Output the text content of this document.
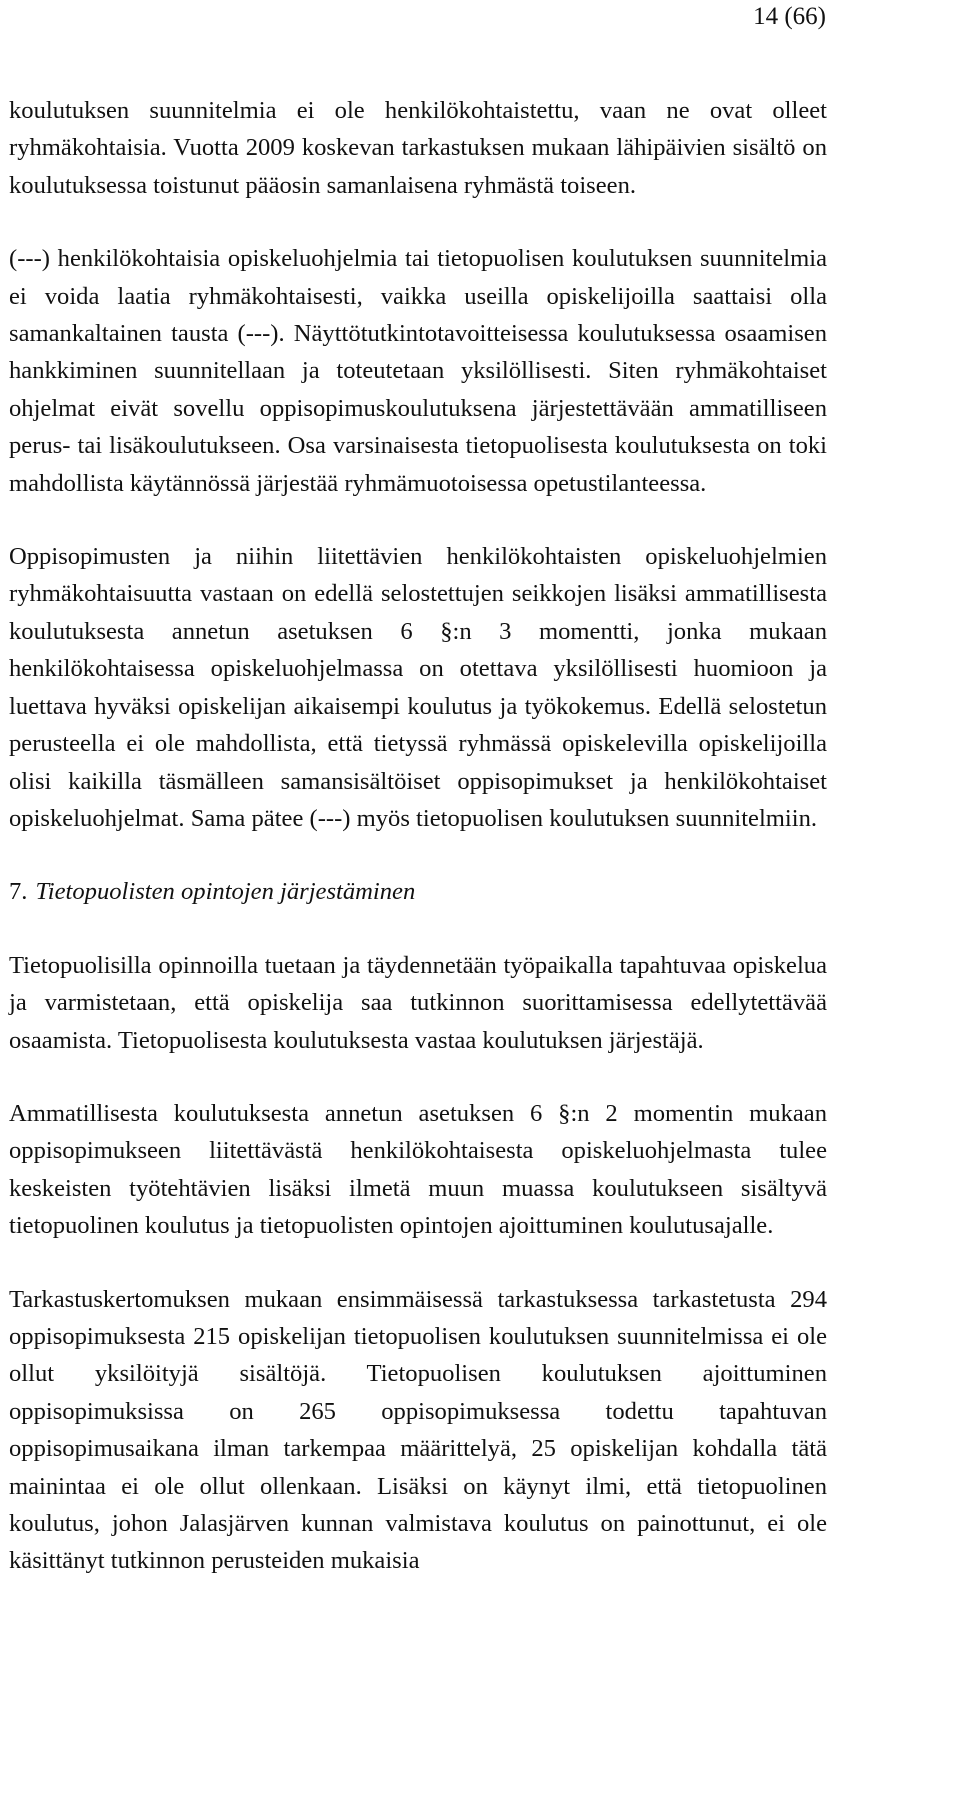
14 (66)

koulutuksen suunnitelmia ei ole henkilökohtaistettu, vaan ne ovat olleet ryhmäkohtaisia. Vuotta 2009 koskevan tarkastuksen mukaan lähipäivien sisältö on koulutuksessa toistunut pääosin samanlaisena ryhmästä toiseen.

(---) henkilökohtaisia opiskeluohjelmia tai tietopuolisen koulutuksen suunnitelmia ei voida laatia ryhmäkohtaisesti, vaikka useilla opiskelijoilla saattaisi olla samankaltainen tausta (---). Näyttötutkintotavoitteisessa koulutuksessa osaamisen hankkiminen suunnitellaan ja toteutetaan yksilöllisesti. Siten ryhmäkohtaiset ohjelmat eivät sovellu oppisopimuskoulutuksena järjestettävään ammatilliseen perus- tai lisäkoulutukseen. Osa varsinaisesta tietopuolisesta koulutuksesta on toki mahdollista käytännössä järjestää ryhmämuotoisessa opetustilanteessa.

Oppisopimusten ja niihin liitettävien henkilökohtaisten opiskeluohjelmien ryhmäkohtaisuutta vastaan on edellä selostettujen seikkojen lisäksi ammatillisesta koulutuksesta annetun asetuksen 6 §:n 3 momentti, jonka mukaan henkilökohtaisessa opiskeluohjelmassa on otettava yksilöllisesti huomioon ja luettava hyväksi opiskelijan aikaisempi koulutus ja työkokemus. Edellä selostetun perusteella ei ole mahdollista, että tietyssä ryhmässä opiskelevilla opiskelijoilla olisi kaikilla täsmälleen samansisältöiset oppisopimukset ja henkilökohtaiset opiskeluohjelmat. Sama pätee (---) myös tietopuolisen koulutuksen suunnitelmiin.

7. Tietopuolisten opintojen järjestäminen

Tietopuolisilla opinnoilla tuetaan ja täydennetään työpaikalla tapahtuvaa opiskelua ja varmistetaan, että opiskelija saa tutkinnon suorittamisessa edellytettävää osaamista. Tietopuolisesta koulutuksesta vastaa koulutuksen järjestäjä.

Ammatillisesta koulutuksesta annetun asetuksen 6 §:n 2 momentin mukaan oppisopimukseen liitettävästä henkilökohtaisesta opiskeluohjelmasta tulee keskeisten työtehtävien lisäksi ilmetä muun muassa koulutukseen sisältyvä tietopuolinen koulutus ja tietopuolisten opintojen ajoittuminen koulutusajalle.

Tarkastuskertomuksen mukaan ensimmäisessä tarkastuksessa tarkastetusta 294 oppisopimuksesta 215 opiskelijan tietopuolisen koulutuksen suunnitelmissa ei ole ollut yksilöityjä sisältöjä. Tietopuolisen koulutuksen ajoittuminen oppisopimuksissa on 265 oppisopimuksessa todettu tapahtuvan oppisopimusaikana ilman tarkempaa määrittelyä, 25 opiskelijan kohdalla tätä mainintaa ei ole ollut ollenkaan. Lisäksi on käynyt ilmi, että tietopuolinen koulutus, johon Jalasjärven kunnan valmistava koulutus on painottunut, ei ole käsittänyt tutkinnon perusteiden mukaisia
